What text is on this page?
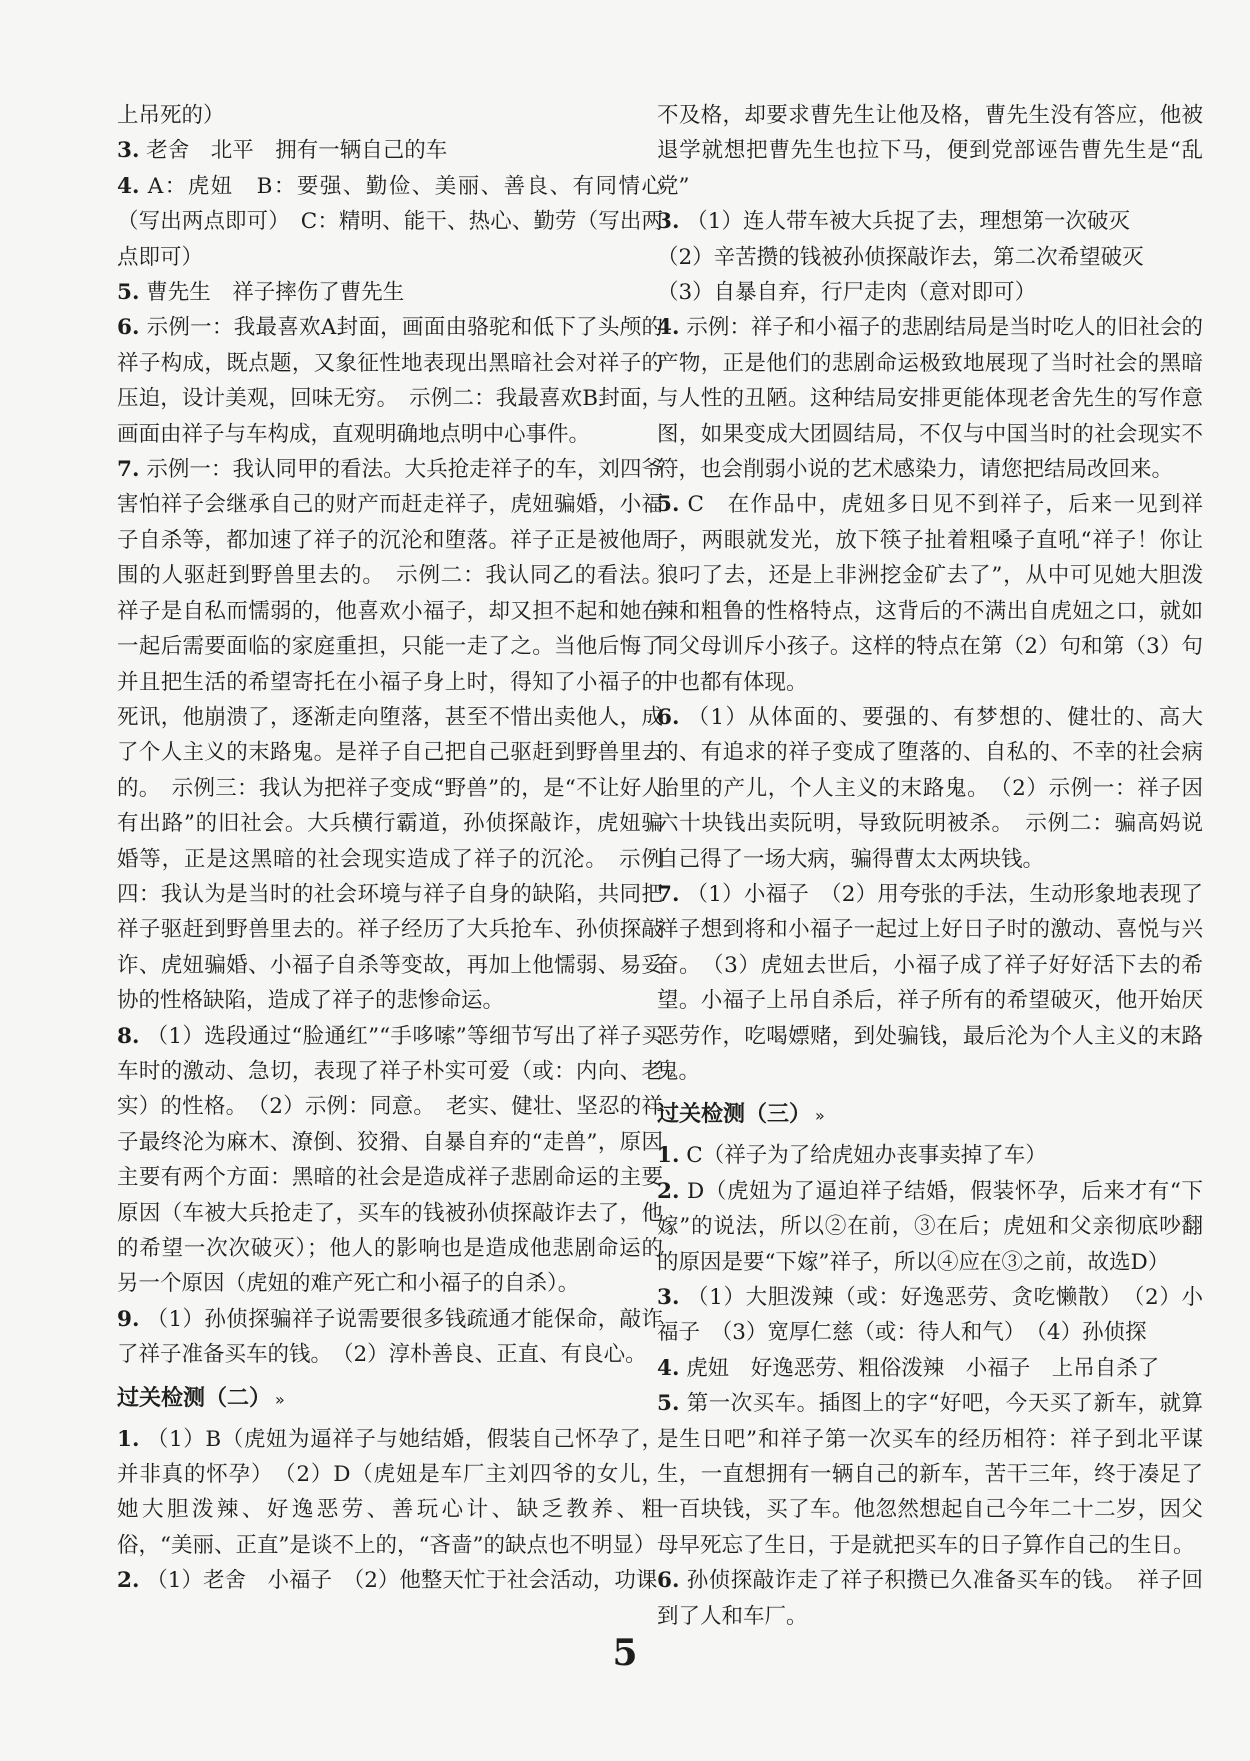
上吊死的）

3. 老舍　北平　拥有一辆自己的车

4. A：虎妞　B：要强、勤俭、美丽、善良、有同情心（写出两点即可）　C：精明、能干、热心、勤劳（写出两点即可）

5. 曹先生　祥子摔伤了曹先生

6. 示例一：我最喜欢A封面，画面由骆驼和低下了头颅的祥子构成，既点题，又象征性地表现出黑暗社会对祥子的压迫，设计美观，回味无穷。　示例二：我最喜欢B封面，画面由祥子与车构成，直观明确地点明中心事件。

7. 示例一：我认同甲的看法。大兵抢走祥子的车，刘四爷害怕祥子会继承自己的财产而赶走祥子，虎妞骗婚，小福子自杀等，都加速了祥子的沉沦和堕落。祥子正是被他周围的人驱赶到野兽里去的。　示例二：我认同乙的看法。祥子是自私而懦弱的，他喜欢小福子，却又担不起和她在一起后需要面临的家庭重担，只能一走了之。当他后悔了并且把生活的希望寄托在小福子身上时，得知了小福子的死讯，他崩溃了，逐渐走向堕落，甚至不惜出卖他人，成了个人主义的末路鬼。是祥子自己把自己驱赶到野兽里去的。　示例三：我认为把祥子变成“野兽”的，是“不让好人有出路”的旧社会。大兵横行霸道，孙侦探敲诈，虎妞骗婚等，正是这黑暗的社会现实造成了祥子的沉沦。　示例四：我认为是当时的社会环境与祥子自身的缺陷，共同把祥子驱赶到野兽里去的。祥子经历了大兵抢车、孙侦探敲诈、虎妞骗婚、小福子自杀等变故，再加上他懦弱、易妥协的性格缺陷，造成了祥子的悲惨命运。

8. （1）选段通过“脸通红”“手哆嗦”等细节写出了祥子买车时的激动、急切，表现了祥子朴实可爱（或：内向、老实）的性格。　（2）示例：同意。　老实、健壮、坚忍的祥子最终沦为麻木、潦倒、狡猾、自暴自弃的“走兽”，原因主要有两个方面：黑暗的社会是造成祥子悲剧命运的主要原因（车被大兵抢走了，买车的钱被孙侦探敲诈去了，他的希望一次次破灭）；他人的影响也是造成他悲剧命运的另一个原因（虎妞的难产死亡和小福子的自杀）。

9. （1）孙侦探骗祥子说需要很多钱疏通才能保命，敲诈了祥子准备买车的钱。　（2）淳朴善良、正直、有良心。

过关检测（二） »

1. （1）B（虎妞为逼祥子与她结婚，假装自己怀孕了，并非真的怀孕）　（2）D（虎妞是车厂主刘四爷的女儿，她大胆泼辣、好逸恶劳、善玩心计、缺乏教养、粗俗，“美丽、正直”是谈不上的，“吝啬”的缺点也不明显）

2. （1）老舍　小福子　（2）他整天忙于社会活动，功课

不及格，却要求曹先生让他及格，曹先生没有答应，他被退学就想把曹先生也拉下马，便到党部诬告曹先生是“乱党”

3. （1）连人带车被大兵捉了去，理想第一次破灭

（2）辛苦攒的钱被孙侦探敲诈去，第二次希望破灭

（3）自暴自弃，行尸走肉（意对即可）

4. 示例：祥子和小福子的悲剧结局是当时吃人的旧社会的产物，正是他们的悲剧命运极致地展现了当时社会的黑暗与人性的丑陋。这种结局安排更能体现老舍先生的写作意图，如果变成大团圆结局，不仅与中国当时的社会现实不符，也会削弱小说的艺术感染力，请您把结局改回来。

5. C　在作品中，虎妞多日见不到祥子，后来一见到祥子，两眼就发光，放下筷子扯着粗嗓子直吼“祥子！你让狼叼了去，还是上非洲挖金矿去了”，从中可见她大胆泼辣和粗鲁的性格特点，这背后的不满出自虎妞之口，就如同父母训斥小孩子。这样的特点在第（2）句和第（3）句中也都有体现。

6. （1）从体面的、要强的、有梦想的、健壮的、高大的、有追求的祥子变成了堕落的、自私的、不幸的社会病胎里的产儿，个人主义的末路鬼。　（2）示例一：祥子因六十块钱出卖阮明，导致阮明被杀。　示例二：骗高妈说自己得了一场大病，骗得曹太太两块钱。

7. （1）小福子　（2）用夸张的手法，生动形象地表现了祥子想到将和小福子一起过上好日子时的激动、喜悦与兴奋。　（3）虎妞去世后，小福子成了祥子好好活下去的希望。小福子上吊自杀后，祥子所有的希望破灭，他开始厌恶劳作，吃喝嫖赌，到处骗钱，最后沦为个人主义的末路鬼。

过关检测（三） »

1. C（祥子为了给虎妞办丧事卖掉了车）

2. D（虎妞为了逼迫祥子结婚，假装怀孕，后来才有“下嫁”的说法，所以②在前，③在后；虎妞和父亲彻底吵翻的原因是要“下嫁”祥子，所以④应在③之前，故选D）

3. （1）大胆泼辣（或：好逸恶劳、贪吃懒散）　（2）小福子　（3）宽厚仁慈（或：待人和气）　（4）孙侦探

4. 虎妞　好逸恶劳、粗俗泼辣　小福子　上吊自杀了

5. 第一次买车。插图上的字“好吧，今天买了新车，就算是生日吧”和祥子第一次买车的经历相符：祥子到北平谋生，一直想拥有一辆自己的新车，苦干三年，终于凑足了一百块钱，买了车。他忽然想起自己今年二十二岁，因父母早死忘了生日，于是就把买车的日子算作自己的生日。

6. 孙侦探敲诈走了祥子积攒已久准备买车的钱。　祥子回到了人和车厂。

5
